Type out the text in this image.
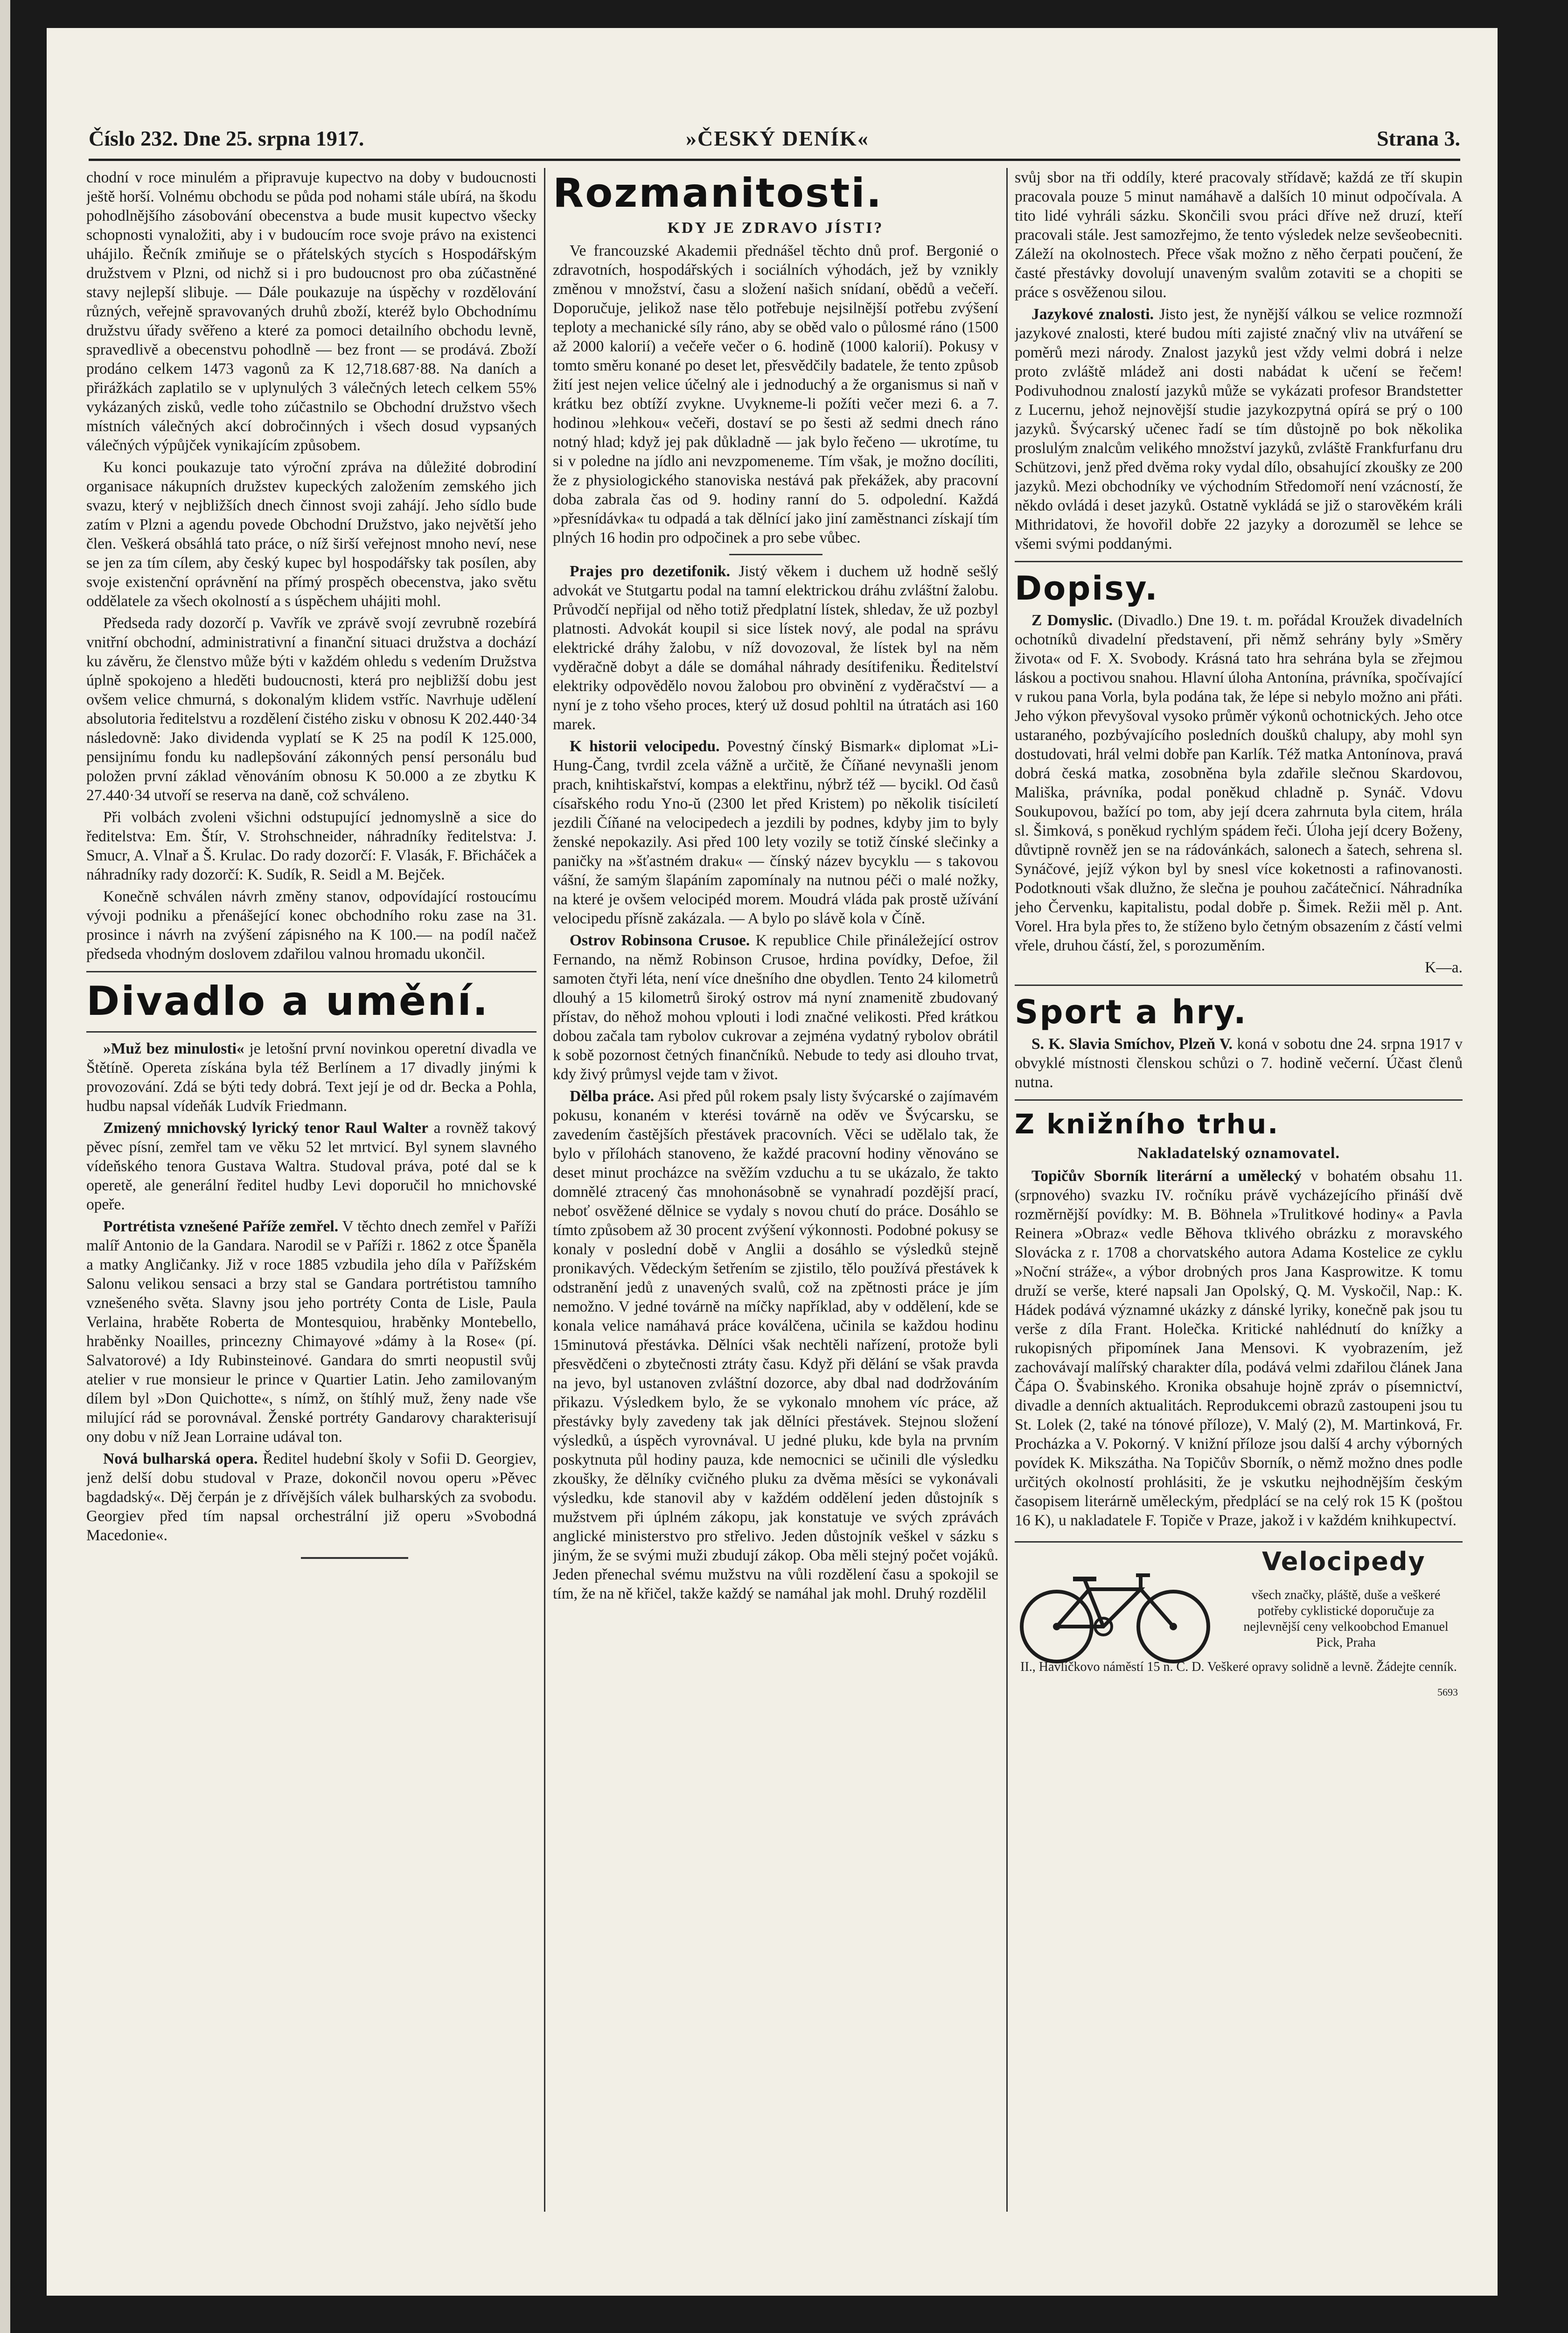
Číslo 232. Dne 25. srpna 1917.	»ČESKÝ DENÍK«	Strana 3.

chodní v roce minulém a připravuje kupectvo na doby v budoucnosti ještě horší. Volnému obchodu se půda pod nohami stále ubírá, na škodu pohodlnějšího zásobování obecenstva a bude musit kupectvo všecky schopnosti vynaložiti, aby i v budoucím roce svoje právo na existenci uhájilo. Řečník zmiňuje se o přátelských stycích s Hospodářským družstvem v Plzni, od nichž si i pro budoucnost pro oba zúčastněné stavy nejlepší slibuje. — Dále poukazuje na úspěchy v rozdělování různých, veřejně spravovaných druhů zboží, kteréž bylo Obchodnímu družstvu úřady svěřeno a které za pomoci detailního obchodu levně, spravedlivě a obecenstvu pohodlně — bez front — se prodává. Zboží prodáno celkem 1473 vagonů za K 12,718.687·88. Na daních a přirážkách zaplatilo se v uplynulých 3 válečných letech celkem 55% vykázaných zisků, vedle toho zúčastnilo se Obchodní družstvo všech místních válečných akcí dobročinných i všech dosud vypsaných válečných výpůjček vynikajícím způsobem.

Ku konci poukazuje tato výroční zpráva na důležité dobrodiní organisace nákupních družstev kupeckých založením zemského jich svazu, který v nejbližších dnech činnost svoji zahájí. Jeho sídlo bude zatím v Plzni a agendu povede Obchodní Družstvo, jako největší jeho člen. Veškerá obsáhlá tato práce, o níž širší veřejnost mnoho neví, nese se jen za tím cílem, aby český kupec byl hospodářsky tak posílen, aby svoje existenční oprávnění na přímý prospěch obecenstva, jako světu oddělatele za všech okolností a s úspěchem uhájiti mohl.

Předseda rady dozorčí p. Vavřík ve zprávě svojí zevrubně rozebírá vnitřní obchodní, administrativní a finanční situaci družstva a dochází ku závěru, že členstvo může býti v každém ohledu s vedením Družstva úplně spokojeno a hleděti budoucnosti, která pro nejbližší dobu jest ovšem velice chmurná, s dokonalým klidem vstříc. Navrhuje udělení absolutoria ředitelstvu a rozdělení čistého zisku v obnosu K 202.440·34 následovně: Jako dividenda vyplatí se K 25 na podíl K 125.000, pensijnímu fondu ku nadlepšování zákonných pensí personálu bud položen první základ věnováním obnosu K 50.000 a ze zbytku K 27.440·34 utvoří se reserva na daně, což schváleno.

Při volbách zvoleni všichni odstupující jednomyslně a sice do ředitelstva: Em. Štír, V. Strohschneider, náhradníky ředitelstva: J. Smucr, A. Vlnař a Š. Krulac. Do rady dozorčí: F. Vlasák, F. Břicháček a náhradníky rady dozorčí: K. Sudík, R. Seidl a M. Bejček.

Konečně schválen návrh změny stanov, odpovídající rostoucímu vývoji podniku a přenášející konec obchodního roku zase na 31. prosince i návrh na zvýšení zápisného na K 100.— na podíl načež předseda vhodným doslovem zdařilou valnou hromadu ukončil.

Divadlo a umění.

»Muž bez minulosti« je letošní první novinkou operetní divadla ve Štětíně. Opereta získána byla též Berlínem a 17 divadly jinými k provozování. Zdá se býti tedy dobrá. Text její je od dr. Becka a Pohla, hudbu napsal vídeňák Ludvík Friedmann.

Zmizený mnichovský lyrický tenor Raul Walter a rovněž takový pěvec písní, zemřel tam ve věku 52 let mrtvicí. Byl synem slavného vídeňského tenora Gustava Waltra. Studoval práva, poté dal se k operetě, ale generální ředitel hudby Levi doporučil ho mnichovské opeře.

Portrétista vznešené Paříže zemřel. V těchto dnech zemřel v Paříži malíř Antonio de la Gandara. Narodil se v Paříži r. 1862 z otce Španěla a matky Angličanky. Již v roce 1885 vzbudila jeho díla v Pařížském Salonu velikou sensaci a brzy stal se Gandara portrétistou tamního vznešeného světa. Slavny jsou jeho portréty Conta de Lisle, Paula Verlaina, hraběte Roberta de Montesquiou, hraběnky Montebello, hraběnky Noailles, princezny Chimayové »dámy à la Rose« (pí. Salvatorové) a Idy Rubinsteinové. Gandara do smrti neopustil svůj atelier v rue monsieur le prince v Quartier Latin. Jeho zamilovaným dílem byl »Don Quichotte«, s nímž, on štíhlý muž, ženy nade vše milující rád se porovnával. Ženské portréty Gandarovy charakterisují ony dobu v níž Jean Lorraine udával ton.

Nová bulharská opera. Ředitel hudební školy v Sofii D. Georgiev, jenž delší dobu studoval v Praze, dokončil novou operu »Pěvec bagdadský«. Děj čerpán je z dřívějších válek bulharských za svobodu. Georgiev před tím napsal orchestrální již operu »Svobodná Macedonie«.

Rozmanitosti.
KDY JE ZDRAVO JÍSTI?

Ve francouzské Akademii přednášel těchto dnů prof. Bergonié o zdravotních, hospodářských i sociálních výhodách, jež by vznikly změnou v množství, času a složení našich snídaní, obědů a večeří. Doporučuje, jelikož nase tělo potřebuje nejsilnější potřebu zvýšení teploty a mechanické síly ráno, aby se oběd valo o půlosmé ráno (1500 až 2000 kalorií) a večeře večer o 6. hodině (1000 kalorií). Pokusy v tomto směru konané po deset let, přesvědčily badatele, že tento způsob žití jest nejen velice účelný ale i jednoduchý a že organismus si naň v krátku bez obtíží zvykne. Uvykneme-li požíti večer mezi 6. a 7. hodinou »lehkou« večeři, dostaví se po šesti až sedmi dnech ráno notný hlad; když jej pak důkladně — jak bylo řečeno — ukrotíme, tu si v poledne na jídlo ani nevzpomeneme. Tím však, je možno docíliti, že z physiologického stanoviska nestává pak překážek, aby pracovní doba zabrala čas od 9. hodiny ranní do 5. odpolední. Každá »přesnídávka« tu odpadá a tak dělnící jako jiní zaměstnanci získají tím plných 16 hodin pro odpočinek a pro sebe vůbec.

Prajes pro dezetifonik. Jistý věkem i duchem už hodně sešlý advokát ve Stutgartu podal na tamní elektrickou dráhu zvláštní žalobu. Průvodčí nepřijal od něho totiž předplatní lístek, shledav, že už pozbyl platnosti. Advokát koupil si sice lístek nový, ale podal na správu elektrické dráhy žalobu, v níž dovozoval, že lístek byl na něm vyděračně dobyt a dále se domáhal náhrady desítifeniku. Ředitelství elektriky odpovědělo novou žalobou pro obvinění z vyděračství — a nyní je z toho všeho proces, který už dosud pohltil na útratách asi 160 marek.

K historii velocipedu. Povestný čínský Bismark« diplomat »Li-Hung-Čang, tvrdil zcela vážně a určitě, že Číňané nevynašli jenom prach, knihtiskařství, kompas a elektřinu, nýbrž též — bycikl. Od časů císařského rodu Yno-ŭ (2300 let před Kristem) po několik tisíciletí jezdili Číňané na velocipedech a jezdili by podnes, kdyby jim to byly ženské nepokazily. Asi před 100 lety vozily se totiž čínské slečinky a paničky na »šťastném draku« — čínský název bycyklu — s takovou vášní, že samým šlapáním zapomínaly na nutnou péči o malé nožky, na které je ovšem velocipéd morem. Moudrá vláda pak prostě užívání velocipedu přísně zakázala. — A bylo po slávě kola v Číně.

Ostrov Robinsona Crusoe. K republice Chile přináležející ostrov Fernando, na němž Robinson Crusoe, hrdina povídky, Defoe, žil samoten čtyři léta, není více dnešního dne obydlen. Tento 24 kilometrů dlouhý a 15 kilometrů široký ostrov má nyní znamenitě zbudovaný přístav, do něhož mohou vplouti i lodi značné velikosti. Před krátkou dobou začala tam rybolov cukrovar a zejména vydatný rybolov obrátil k sobě pozornost četných finančníků. Nebude to tedy asi dlouho trvat, kdy živý průmysl vejde tam v život.

Dělba práce. Asi před půl rokem psaly listy švýcarské o zajímavém pokusu, konaném v kterési továrně na oděv ve Švýcarsku, se zavedením častějších přestávek pracovních. Věci se udělalo tak, že bylo v přílohách stanoveno, že každé pracovní hodiny věnováno se deset minut procházce na svěžím vzduchu a tu se ukázalo, že takto domnělé ztracený čas mnohonásobně se vynahradí pozdější prací, neboť osvěžené dělnice se vydaly s novou chutí do práce. Dosáhlo se tímto způsobem až 30 procent zvýšení výkonnosti. Podobné pokusy se konaly v poslední době v Anglii a dosáhlo se výsledků stejně pronikavých. Vědeckým šetřením se zjistilo, tělo používá přestávek k odstranění jedů z unavených svalů, což na zpětnosti práce je jím nemožno. V jedné továrně na míčky například, aby v oddělení, kde se konala velice namáhavá práce koválčena, učinila se každou hodinu 15minutová přestávka. Dělníci však nechtěli nařízení, protože byli přesvědčeni o zbytečnosti ztráty času. Když při dělání se však pravda na jevo, byl ustanoven zvláštní dozorce, aby dbal nad dodržováním přikazu. Výsledkem bylo, že se vykonalo mnohem víc práce, až přestávky byly zavedeny tak jak dělníci přestávek. Stejnou složení výsledků, a úspěch vyrovnával. U jedné pluku, kde byla na prvním poskytnuta půl hodiny pauza, kde nemocnici se učinili dle výsledku zkoušky, že dělníky cvičného pluku za dvěma měsíci se vykonávali výsledku, kde stanovil aby v každém oddělení jeden důstojník s mužstvem při úplném zákopu, jak konstatuje ve svých zprávách anglické ministerstvo pro střelivo. Jeden důstojník veškel v sázku s jiným, že se svými muži zbudují zákop. Oba měli stejný počet vojáků. Jeden přenechal svému mužstvu na vůli rozdělení času a spokojil se tím, že na ně křičel, takže každý se namáhal jak mohl. Druhý rozdělil

svůj sbor na tři oddíly, které pracovaly střídavě; každá ze tří skupin pracovala pouze 5 minut namáhavě a dalších 10 minut odpočívala. A tito lidé vyhráli sázku. Skončili svou práci dříve než druzí, kteří pracovali stále. Jest samozřejmo, že tento výsledek nelze sevšeobecniti. Záleží na okolnostech. Přece však možno z něho čerpati poučení, že časté přestávky dovolují unaveným svalům zotaviti se a chopiti se práce s osvěženou silou.

Jazykové znalosti. Jisto jest, že nynější válkou se velice rozmnoží jazykové znalosti, které budou míti zajisté značný vliv na utváření se poměrů mezi národy. Znalost jazyků jest vždy velmi dobrá i nelze proto zvláště mládež ani dosti nabádat k učení se řečem! Podivuhodnou znalostí jazyků může se vykázati profesor Brandstetter z Lucernu, jehož nejnovější studie jazykozpytná opírá se prý o 100 jazyků. Švýcarský učenec řadí se tím důstojně po bok několika proslulým znalcům velikého množství jazyků, zvláště Frankfurfanu dru Schützovi, jenž před dvěma roky vydal dílo, obsahující zkoušky ze 200 jazyků. Mezi obchodníky ve východním Středomoří není vzácností, že někdo ovládá i deset jazyků. Ostatně vykládá se již o starověkém králi Mithridatovi, že hovořil dobře 22 jazyky a dorozuměl se lehce se všemi svými poddanými.

Dopisy.

Z Domyslic. (Divadlo.) Dne 19. t. m. pořádal Kroužek divadelních ochotníků divadelní představení, při němž sehrány byly »Směry života« od F. X. Svobody. Krásná tato hra sehrána byla se zřejmou láskou a poctivou snahou. Hlavní úloha Antonína, právníka, spočívající v rukou pana Vorla, byla podána tak, že lépe si nebylo možno ani přáti. Jeho výkon převyšoval vysoko průměr výkonů ochotnických. Jeho otce ustaraného, pozbývajícího posledních doušků chalupy, aby mohl syn dostudovati, hrál velmi dobře pan Karlík. Též matka Antonínova, pravá dobrá česká matka, zosobněna byla zdařile slečnou Skardovou, Mališka, právníka, podal poněkud chladně p. Synáč. Vdovu Soukupovou, bažící po tom, aby její dcera zahrnuta byla citem, hrála sl. Šimková, s poněkud rychlým spádem řeči. Úloha její dcery Boženy, důvtipně rovněž jen se na rádovánkách, salonech a šatech, sehrena sl. Synáčové, jejíž výkon byl by snesl více koketnosti a rafinovanosti. Podotknouti však dlužno, že slečna je pouhou začátečnicí. Náhradníka jeho Červenku, kapitalistu, podal dobře p. Šimek. Režii měl p. Ant. Vorel. Hra byla přes to, že stíženo bylo četným obsazením z částí velmi vřele, druhou částí, žel, s porozuměním.

K—a.

Sport a hry.

S. K. Slavia Smíchov, Plzeň V. koná v sobotu dne 24. srpna 1917 v obvyklé místnosti členskou schůzi o 7. hodině večerní. Účast členů nutna.

Z knižního trhu.
Nakladatelský oznamovatel.

Topičův Sborník literární a umělecký v bohatém obsahu 11. (srpnového) svazku IV. ročníku právě vycházejícího přináší dvě rozměrnější povídky: M. B. Böhnela »Trulitkové hodiny« a Pavla Reinera »Obraz« vedle Běhova tklivého obrázku z moravského Slovácka z r. 1708 a chorvatského autora Adama Kostelice ze cyklu »Noční stráže«, a výbor drobných pros Jana Kasprowitze. K tomu druží se verše, které napsali Jan Opolský, Q. M. Vyskočil, Nap.: K. Hádek podává významné ukázky z dánské lyriky, konečně pak jsou tu verše z díla Frant. Holečka. Kritické nahlédnutí do knížky a rukopisných připomínek Jana Mensovi. K vyobrazením, jež zachovávají malířský charakter díla, podává velmi zdařilou článek Jana Čápa O. Švabinského. Kronika obsahuje hojně zpráv o písemnictví, divadle a denních aktualitách. Reprodukcemi obrazů zastoupeni jsou tu St. Lolek (2, také na tónové příloze), V. Malý (2), M. Martinková, Fr. Procházka a V. Pokorný. V knižní příloze jsou další 4 archy výborných povídek K. Mikszátha. Na Topičův Sborník, o němž možno dnes podle určitých okolností prohlásiti, že je vskutku nejhodnějším českým časopisem literárně uměleckým, předplácí se na celý rok 15 K (poštou 16 K), u nakladatele F. Topiče v Praze, jakož i v každém knihkupectví.

Velocipedy
všech značky, pláště, duše a veškeré potřeby cyklistické doporučuje za nejlevnější ceny velkoobchod Emanuel Pick, Praha
II., Havlíčkovo náměstí 15 n. C. D. Veškeré opravy solidně a levně. Žádejte cenník.
5693
